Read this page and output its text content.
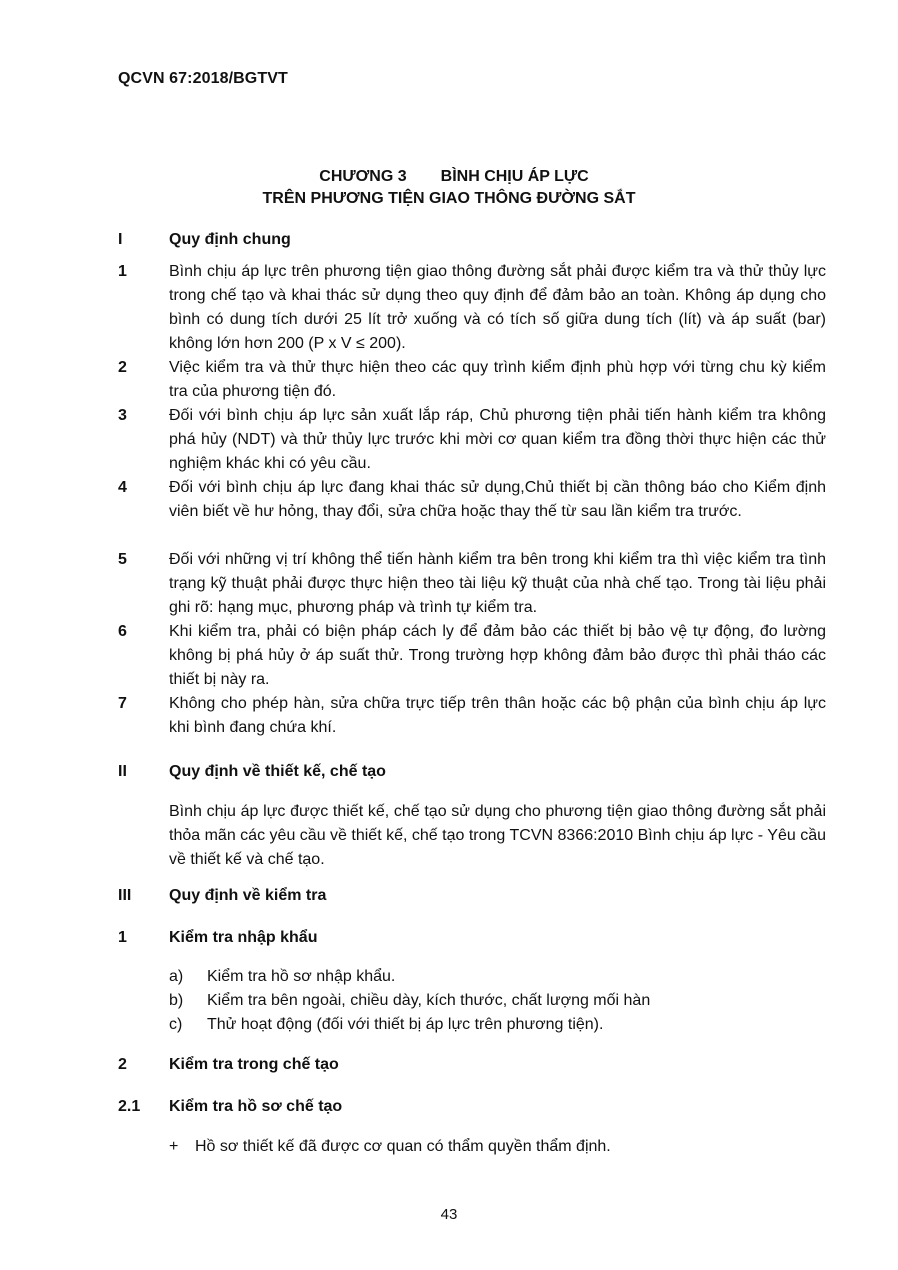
QCVN 67:2018/BGTVT
CHƯƠNG 3 BÌNH CHỊU ÁP LỰC
TRÊN PHƯƠNG TIỆN GIAO THÔNG ĐƯỜNG SẮT
I	Quy định chung
1	Bình chịu áp lực trên phương tiện giao thông đường sắt phải được kiểm tra và thử thủy lực trong chế tạo và khai thác sử dụng theo quy định để đảm bảo an toàn. Không áp dụng cho bình có dung tích dưới 25 lít trở xuống và có tích số giữa dung tích (lít) và áp suất (bar) không lớn hơn 200 (P x V ≤ 200).
2	Việc kiểm tra và thử thực hiện theo các quy trình kiểm định phù hợp với từng chu kỳ kiểm tra của phương tiện đó.
3	Đối với bình chịu áp lực sản xuất lắp ráp, Chủ phương tiện phải tiến hành kiểm tra không phá hủy (NDT) và thử thủy lực trước khi mời cơ quan kiểm tra đồng thời thực hiện các thử nghiệm khác khi có yêu cầu.
4	Đối với bình chịu áp lực đang khai thác sử dụng,Chủ thiết bị cần thông báo cho Kiểm định viên biết về hư hỏng, thay đổi, sửa chữa hoặc thay thế từ sau lần kiểm tra trước.
5	Đối với những vị trí không thể tiến hành kiểm tra bên trong khi kiểm tra thì việc kiểm tra tình trạng kỹ thuật phải được thực hiện theo tài liệu kỹ thuật của nhà chế tạo. Trong tài liệu phải ghi rõ: hạng mục, phương pháp và trình tự kiểm tra.
6	Khi kiểm tra, phải có biện pháp cách ly để đảm bảo các thiết bị bảo vệ tự động, đo lường không bị phá hủy ở áp suất thử. Trong trường hợp không đảm bảo được thì phải tháo các thiết bị này ra.
7	Không cho phép hàn, sửa chữa trực tiếp trên thân hoặc các bộ phận của bình chịu áp lực khi bình đang chứa khí.
II	Quy định về thiết kế, chế tạo
Bình chịu áp lực được thiết kế, chế tạo sử dụng cho phương tiện giao thông đường sắt phải thỏa mãn các yêu cầu về thiết kế, chế tạo trong TCVN 8366:2010 Bình chịu áp lực - Yêu cầu về thiết kế và chế tạo.
III Quy định về kiểm tra
1	Kiểm tra nhập khẩu
a) Kiểm tra hồ sơ nhập khẩu.
b) Kiểm tra bên ngoài, chiều dày, kích thước, chất lượng mối hàn
c) Thử hoạt động (đối với thiết bị áp lực trên phương tiện).
2	Kiểm tra trong chế tạo
2.1 Kiểm tra hồ sơ chế tạo
+ Hồ sơ thiết kế đã được cơ quan có thẩm quyền thẩm định.
43
